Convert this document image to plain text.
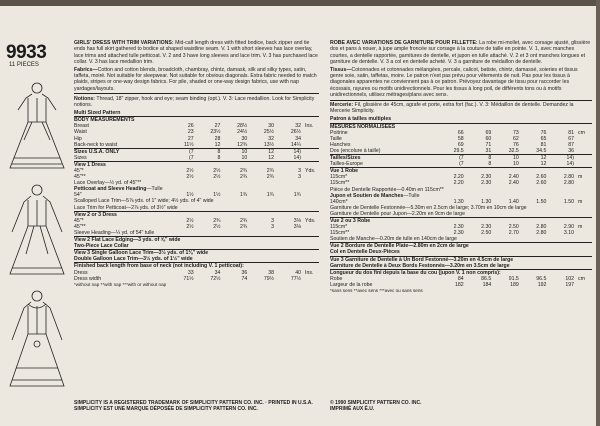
9933
11 PIECES
GIRLS' DRESS WITH TRIM VARIATIONS: Mid-calf length dress with fitted bodice, back zipper and tie ends has full skirt gathered to bodice at shaped waistline seam. V. 1 with short sleeves has lace overlay, lace trims and attached tulle petticoat. V. 2 and 3 have long sleeves and lace trim. V. 3 has purchased lace collar. V. 3 has lace medallion trim.
Fabrics—Cotton and cotton blends, broadcloth, chambray, chintz, damask, silk and silky types, satin, taffeta, moiré. Not suitable for sleepwear. Not suitable for obvious diagonals. Extra fabric needed to match plaids, stripes or one-way design fabrics. For pile, shaded or one-way design fabrics, use with nap yardages/layouts.
Notions: Thread, 18" zipper, hook and eye; seam binding (opt.). V. 3: Lace medallion. Look for Simplicity notions.
Multi Sized Pattern
BODY MEASUREMENTS						
Breast	26	27	28½	30	32	Ins.
Waist	23	23½	24½	25½	26½	
Hip	27	28	30	32	34	
Back-neck to waist	11½	12	12¾	13½	14¼	
Sizes U.S.A. ONLY	(7	8	10	12	14)	
Sizes	(7	8	10	12	14)	
View 1 Dress						
45"*	2½	2½	2¾	2¾	3	Yds.
45"**	2½	2½	2¾	2¾	3	
Lace Overlay—½ yd. of 45"**						
Petticoat and Sleeve Heading—Tulle						
54"	1½	1½	1¾	1¾	1¾	
Scalloped Lace Trim—5⅞ yds. of 1" wide; 4½ yds. of 4" wide						
Lace Trim for Petticoat—2⅞ yds. of 3½" wide						
View 2 or 3 Dress						
45"*	2½	2¾	2¾	3	3⅛	Yds.
45"**	2½	2½	2¾	3	3⅛	
Sleeve Heading—¼ yd. of 54" tulle						
View 2 Flat Lace Edging—3 yds. of ⅝" wide						
Two-Piece Lace Collar						
View 3 Single Galloon Lace Trim—3½ yds. of 1⅜" wide						
Double Galloon Lace Trim—3½ yds. of 1½" wide						
Finished back length from base of neck (not including V. 1 petticoat):						
Dress	33	34	36	38	40	Ins.
Dress width	71½	72½	74	79½	77½	
*without nap **with nap ***with or without nap						
ROBE AVEC VARIATIONS DE GARNITURE POUR FILLETTE: La robe mi-mollet, avec corsage ajusté, glissière dos et pans à nouer, à jupe ample froncée sur corsage à la couture de taille en pointe. V. 1, avec manches courtes, a dentelle rapportée, garnitures de dentelle, et jupon en tulle attaché. V. 2 et 3 ont manches longues et garniture de dentelle. V. 3 a col en dentelle acheté. V. 3 a garniture de médaillon de dentelle.
Tissus—Cotonnades et cotonnades mélangées, percale, calicot, batiste, chintz, damassé, soieries et tissus genre soie, satin, taffetas, moire. Le patron n'est pas prévu pour vêtements de nuit. Pas pour les tissus à diagonales apparentes ne conviennent pas à ce patron. Prévoyez davantage de tissu pour raccorder les écossais, rayures ou motifs unidirectionnels. Pour les tissus à long poil, de différents tons ou à motifs unidirectionnels, utilisez métrages/plans avec sens.
Mercerie: Fil, glissière de 45cm, agrafe et porte, extra fort (fac.). V. 3: Médaillon de dentelle. Demandez la Mercerie Simplicity.
Patron à tailles multiples
MESURES NORMALISÉES						
Poitrine	66	69	73	76	81	cm
Taille	58	60	62	65	67	
Hanches	69	71	76	81	87	
Dos (encolure à taille)	29.5	31	32.5	34.5	36	
Tailles/Sizes	(7	8	10	12	14)	
Tailles-Europe	(7	8	10	12	14)	
Vue 1 Robe						
115cm*	2.20	2.30	2.40	2.60	2.80	m
115cm**	2.20	2.30	2.40	2.60	2.80	
Pièce de Dentelle Rapportée—0.40m en 115cm**						
Jupon et Soutien de Manches—Tulle						
140cm*	1.30	1.30	1.40	1.50	1.50	m
Garniture de Dentelle Festonnée—5.30m en 2.5cm de large; 3.70m en 10cm de large						
Garniture de Dentelle pour Jupon—2.20m en 9cm de large						
Vue 2 ou 3 Robe						
115cm*	2.30	2.30	2.50	2.80	2.90	m
115cm**	2.30	2.50	2.70	2.80	3.10	
Soutien de Manche—0.20m de tulle en 140cm de large						
Vue 2 Bordure de Dentelle Plate—2.80m en 2cm de large						
Col en Dentelle Deux-Pièces						
Vue 3 Garniture de Dentelle à Un Bord Festonné—3.20m en 4.5cm de large						
Garniture de Dentelle à Deux Bords Festonnés—3.20m en 3.5cm de large						
Longueur du dos fini depuis la base du cou (jupon V. 1 non compris):						
Robe	84	86.5	91.5	96.5	102	cm
Largeur de la robe	182	184	189	192	197	
*sans sens **avec sens ***avec ou sans sens						
SIMPLICITY IS A REGISTERED TRADEMARK OF SIMPLICITY PATTERN CO. INC. · PRINTED IN U.S.A.
SIMPLICITY EST UNE MARQUE DÉPOSÉE DE SIMPLICITY PATTERN CO. INC.
© 1990 SIMPLICITY PATTERN CO. INC.
IMPRIMÉ AUX É.U.
